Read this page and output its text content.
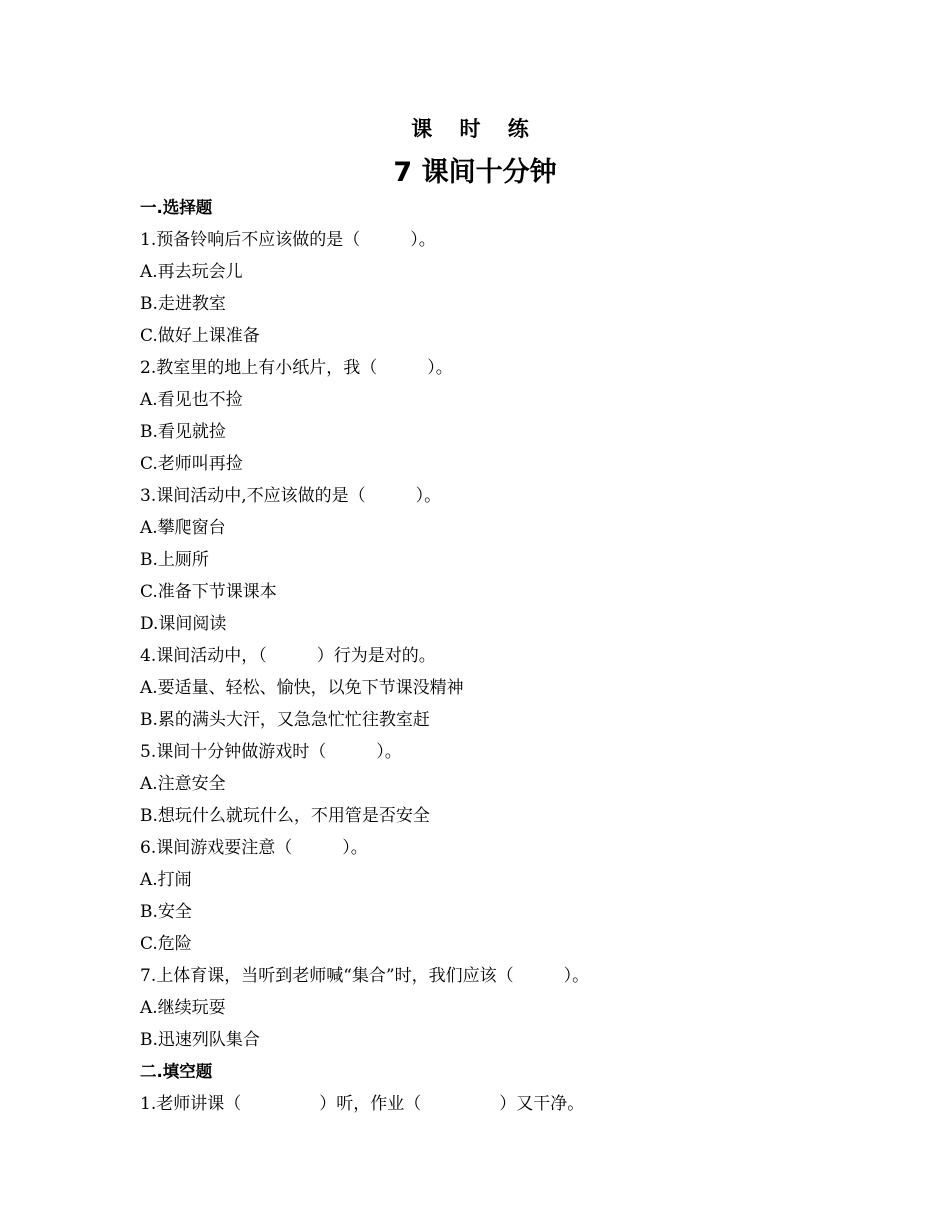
课 时 练
7 课间十分钟
一.选择题
1.预备铃响后不应该做的是（	）。
A.再去玩会儿
B.走进教室
C.做好上课准备
2.教室里的地上有小纸片，我（	）。
A.看见也不捡
B.看见就捡
C.老师叫再捡
3.课间活动中,不应该做的是（	）。
A.攀爬窗台
B.上厕所
C.准备下节课课本
D.课间阅读
4.课间活动中，（	）行为是对的。
A.要适量、轻松、愉快，以免下节课没精神
B.累的满头大汗，又急急忙忙往教室赶
5.课间十分钟做游戏时（	）。
A.注意安全
B.想玩什么就玩什么，不用管是否安全
6.课间游戏要注意（	）。
A.打闹
B.安全
C.危险
7.上体育课，当听到老师喊“集合”时，我们应该（	）。
A.继续玩耍
B.迅速列队集合
二.填空题
1.老师讲课（	）听，作业（	）又干净。
